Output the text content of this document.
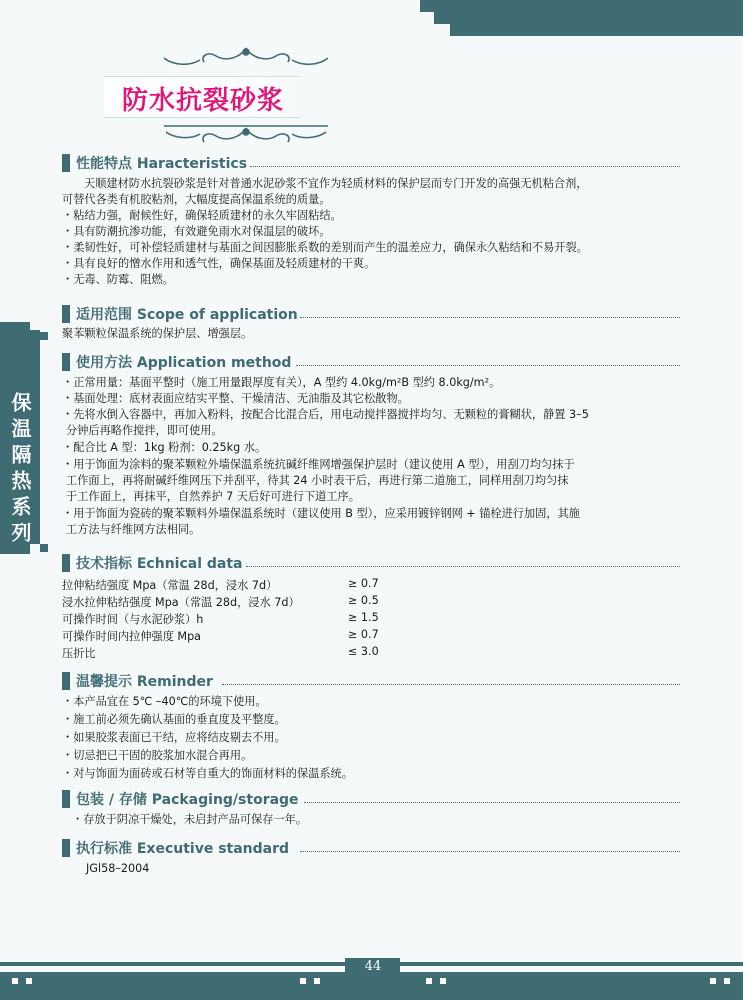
防水抗裂砂浆
保温隔热系列
性能特点 Haracteristics
天顺建材防水抗裂砂浆是针对普通水泥砂浆不宜作为轻质材料的保护层而专门开发的高强无机粘合剂，
可替代各类有机胶粘剂，大幅度提高保温系统的质量。
・粘结力强，耐候性好，确保轻质建材的永久牢固粘结。
・具有防潮抗渗功能，有效避免雨水对保温层的破坏。
・柔韧性好，可补偿轻质建材与基面之间因膨胀系数的差别而产生的温差应力，确保永久粘结和不易开裂。
・具有良好的憎水作用和透气性，确保基面及轻质建材的干爽。
・无毒、防霉、阻燃。
适用范围 Scope of application
聚苯颗粒保温系统的保护层、增强层。
使用方法 Application method
・正常用量：基面平整时（施工用量跟厚度有关），A 型约 4.0kg/m²B 型约 8.0kg/m²。
・基面处理：底材表面应结实平整、干燥清洁、无油脂及其它松散物。
・先将水倒入容器中，再加入粉料，按配合比混合后，用电动搅拌器搅拌均匀、无颗粒的膏糊状，静置 3–5
分钟后再略作搅拌，即可使用。
・配合比 A 型：1kg 粉剂：0.25kg 水。
・用于饰面为涂料的聚苯颗粒外墙保温系统抗碱纤维网增强保护层时（建议使用 A 型），用刮刀均匀抹于
工作面上，再将耐碱纤维网压下并刮平，待其 24 小时表干后，再进行第二道施工，同样用刮刀均匀抹
于工作面上，再抹平，自然养护 7 天后好可进行下道工序。
・用于饰面为瓷砖的聚苯颗料外墙保温系统时（建议使用 B 型），应采用镀锌钢网 + 锚栓进行加固，其施
工方法与纤维网方法相同。
技术指标 Echnical data
拉伸粘结强度 Mpa（常温 28d，浸水 7d）	≥ 0.7
浸水拉伸粘结强度 Mpa（常温 28d，浸水 7d）	≥ 0.5
可操作时间（与水泥砂浆）h	≥ 1.5
可操作时间内拉伸强度 Mpa	≥ 0.7
压折比	≤ 3.0
温馨提示 Reminder
・本产品宜在 5℃ –40℃的环境下使用。
・施工前必须先确认基面的垂直度及平整度。
・如果胶浆表面已干结，应将结皮剔去不用。
・切忌把已干固的胶浆加水混合再用。
・对与饰面为面砖或石材等自重大的饰面材料的保温系统。
包装 / 存储 Packaging/storage
・存放于阴凉干燥处，未启封产品可保存一年。
执行标准 Executive standard
JGl58–2004
44
